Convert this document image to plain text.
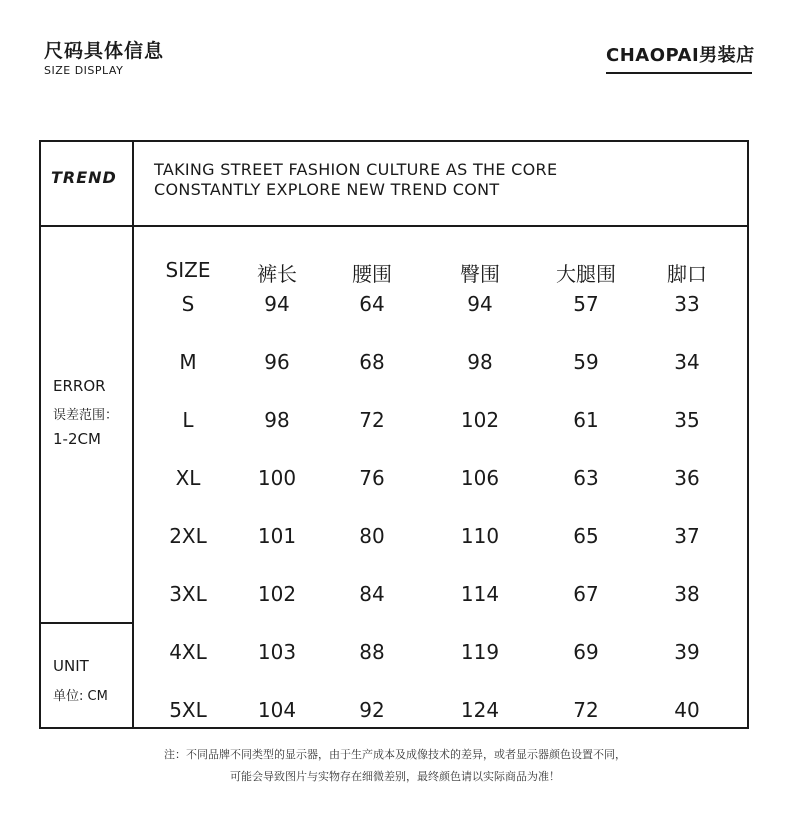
尺码具体信息
SIZE DISPLAY
CHAOPAI男装店
TREND TAKING STREET FASHION CULTURE AS THE CORE
CONSTANTLY EXPLORE NEW TREND CONT
ERROR
误差范围：
1-2CM
UNIT
单位: CM
SIZE	裤长	腰围	臀围	大腿围	脚口
S	94	64	94	57	33
M	96	68	98	59	34
L	98	72	102	61	35
XL	100	76	106	63	36
2XL	101	80	110	65	37
3XL	102	84	114	67	38
4XL	103	88	119	69	39
5XL	104	92	124	72	40
注：不同品牌不同类型的显示器，由于生产成本及成像技术的差异，或者显示器颜色设置不同，
可能会导致图片与实物存在细微差别，最终颜色请以实际商品为准！
